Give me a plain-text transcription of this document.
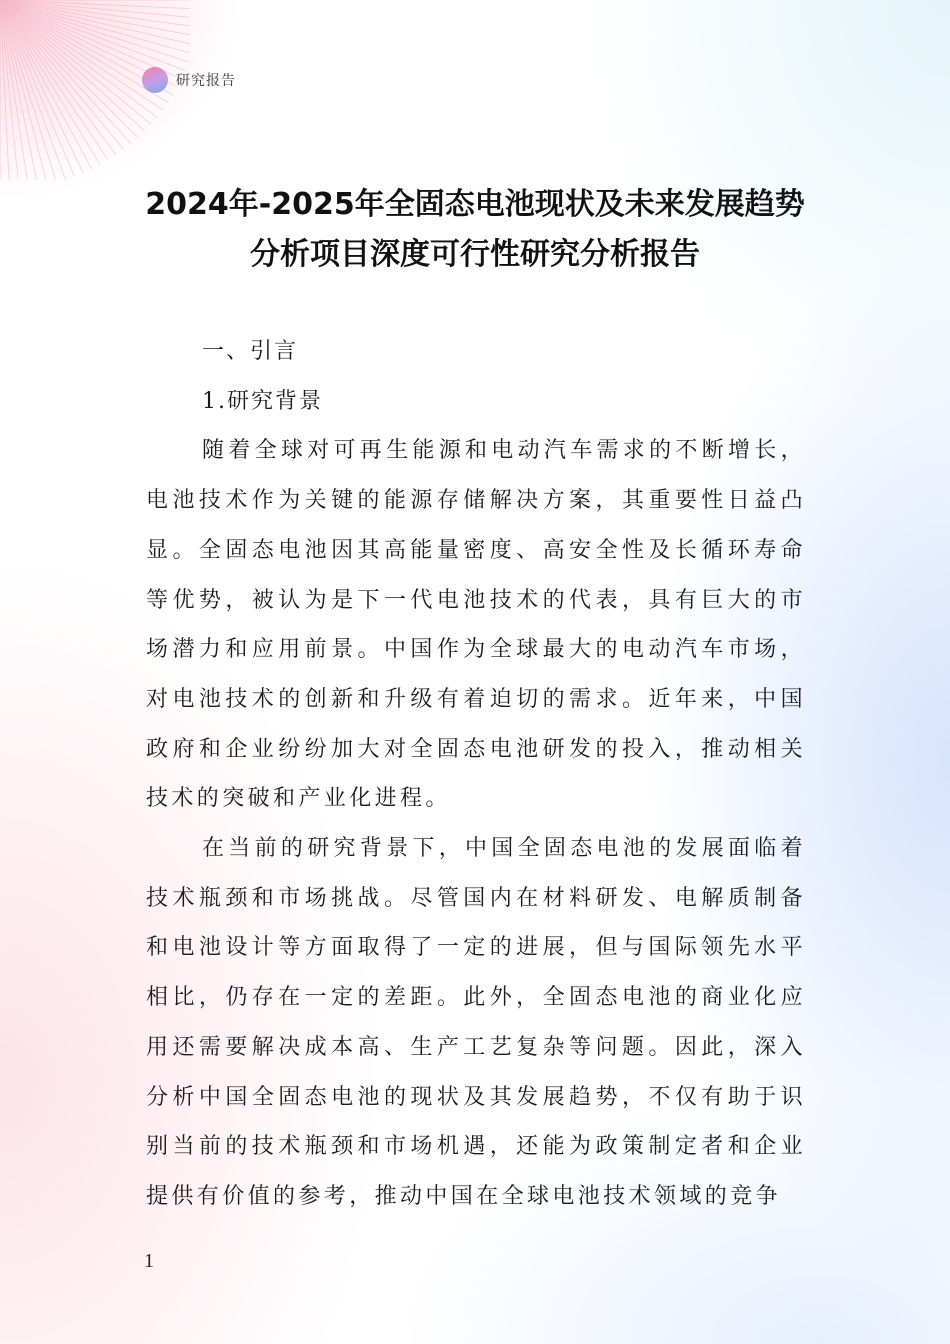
研究报告
2024年-2025年全固态电池现状及未来发展趋势分析项目深度可行性研究分析报告

一、引言

1.研究背景

随着全球对可再生能源和电动汽车需求的不断增长，电池技术作为关键的能源存储解决方案，其重要性日益凸显。全固态电池因其高能量密度、高安全性及长循环寿命等优势，被认为是下一代电池技术的代表，具有巨大的市场潜力和应用前景。中国作为全球最大的电动汽车市场，对电池技术的创新和升级有着迫切的需求。近年来，中国政府和企业纷纷加大对全固态电池研发的投入，推动相关技术的突破和产业化进程。

在当前的研究背景下，中国全固态电池的发展面临着技术瓶颈和市场挑战。尽管国内在材料研发、电解质制备和电池设计等方面取得了一定的进展，但与国际领先水平相比，仍存在一定的差距。此外，全固态电池的商业化应用还需要解决成本高、生产工艺复杂等问题。因此，深入分析中国全固态电池的现状及其发展趋势，不仅有助于识别当前的技术瓶颈和市场机遇，还能为政策制定者和企业提供有价值的参考，推动中国在全球电池技术领域的竞争

1
